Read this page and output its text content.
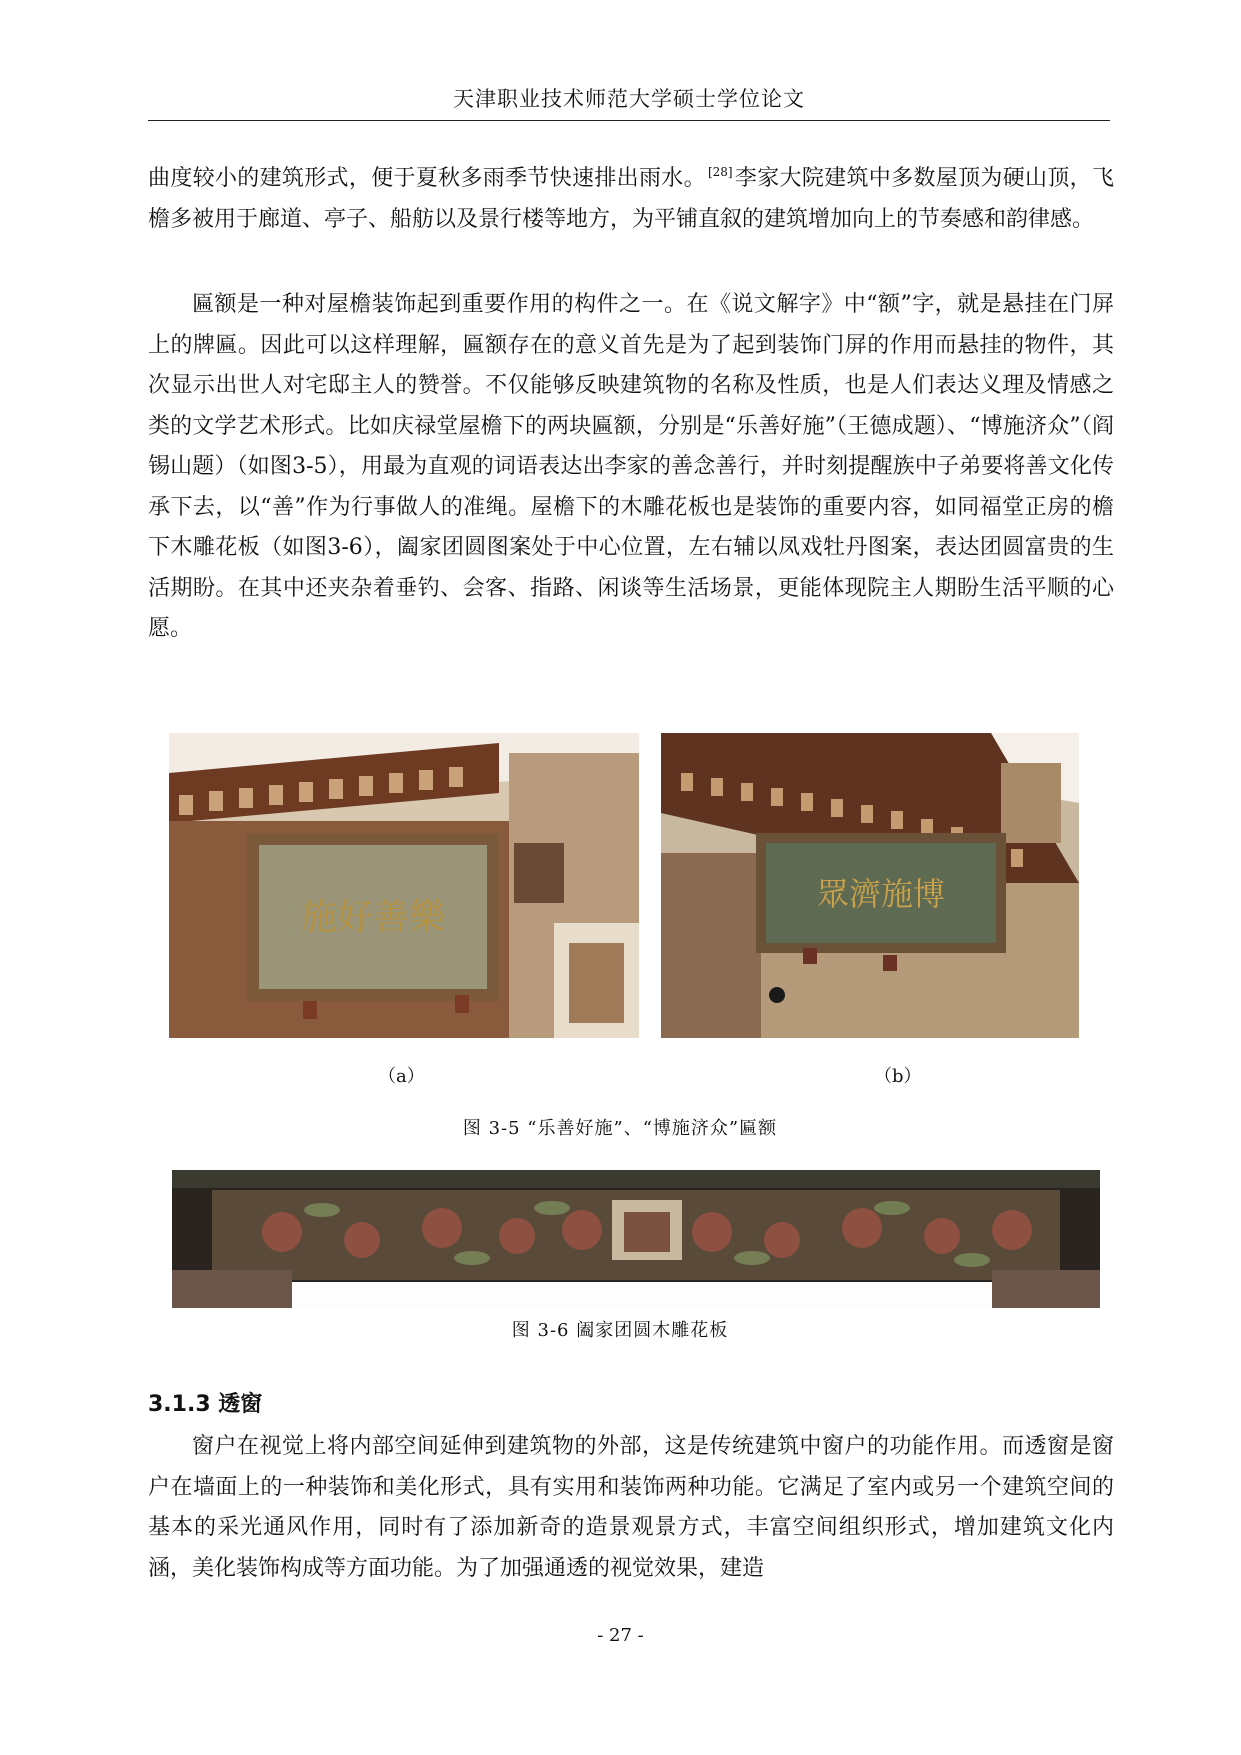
天津职业技术师范大学硕士学位论文

曲度较小的建筑形式，便于夏秋多雨季节快速排出雨水。 [28]李家大院建筑中多数屋顶为硬山顶，飞檐多被用于廊道、亭子、船舫以及景行楼等地方，为平铺直叙的建筑增加向上的节奏感和韵律感。

匾额是一种对屋檐装饰起到重要作用的构件之一。在《说文解字》中“额”字，就是悬挂在门屏上的牌匾。因此可以这样理解，匾额存在的意义首先是为了起到装饰门屏的作用而悬挂的物件，其次显示出世人对宅邸主人的赞誉。不仅能够反映建筑物的名称及性质，也是人们表达义理及情感之类的文学艺术形式。比如庆禄堂屋檐下的两块匾额，分别是“乐善好施”（王德成题）、“博施济众”（阎锡山题）（如图3-5），用最为直观的词语表达出李家的善念善行，并时刻提醒族中子弟要将善文化传承下去，以“善”作为行事做人的准绳。屋檐下的木雕花板也是装饰的重要内容，如同福堂正房的檐下木雕花板（如图3-6），阖家团圆图案处于中心位置，左右辅以凤戏牡丹图案，表达团圆富贵的生活期盼。在其中还夹杂着垂钓、会客、指路、闲谈等生活场景，更能体现院主人期盼生活平顺的心愿。

施好善樂
眾濟施博
（a）	（b）
图 3-5 “乐善好施”、“博施济众”匾额
图 3-6 阖家团圆木雕花板
3.1.3 透窗

窗户在视觉上将内部空间延伸到建筑物的外部，这是传统建筑中窗户的功能作用。而透窗是窗户在墙面上的一种装饰和美化形式，具有实用和装饰两种功能。它满足了室内或另一个建筑空间的基本的采光通风作用，同时有了添加新奇的造景观景方式，丰富空间组织形式，增加建筑文化内涵，美化装饰构成等方面功能。为了加强通透的视觉效果，建造

- 27 -
